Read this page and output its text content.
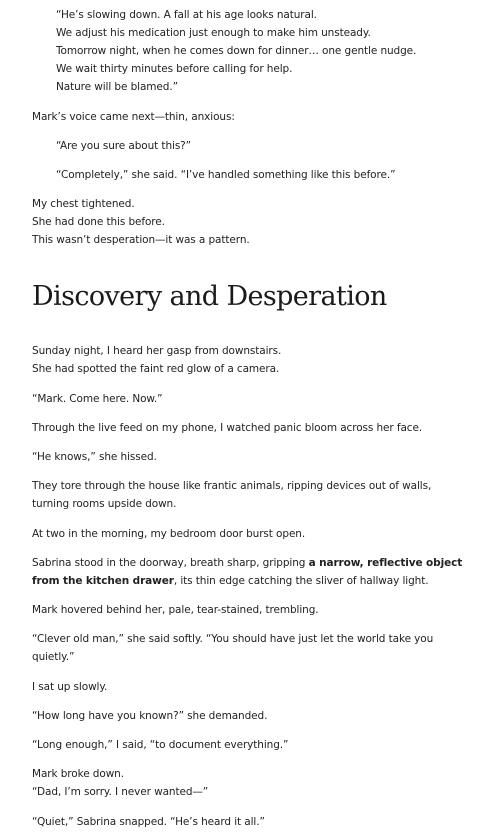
“He’s slowing down. A fall at his age looks natural.
We adjust his medication just enough to make him unsteady.
Tomorrow night, when he comes down for dinner… one gentle nudge.
We wait thirty minutes before calling for help.
Nature will be blamed.”
Mark’s voice came next—thin, anxious:
“Are you sure about this?”
“Completely,” she said. “I’ve handled something like this before.”
My chest tightened.
She had done this before.
This wasn’t desperation—it was a pattern.
Discovery and Desperation
Sunday night, I heard her gasp from downstairs.
She had spotted the faint red glow of a camera.
“Mark. Come here. Now.”
Through the live feed on my phone, I watched panic bloom across her face.
“He knows,” she hissed.
They tore through the house like frantic animals, ripping devices out of walls,
turning rooms upside down.
At two in the morning, my bedroom door burst open.
Sabrina stood in the doorway, breath sharp, gripping a narrow, reflective object
from the kitchen drawer, its thin edge catching the sliver of hallway light.
Mark hovered behind her, pale, tear-stained, trembling.
“Clever old man,” she said softly. “You should have just let the world take you
quietly.”
I sat up slowly.
“How long have you known?” she demanded.
“Long enough,” I said, “to document everything.”
Mark broke down.
“Dad, I’m sorry. I never wanted—”
“Quiet,” Sabrina snapped. “He’s heard it all.”
